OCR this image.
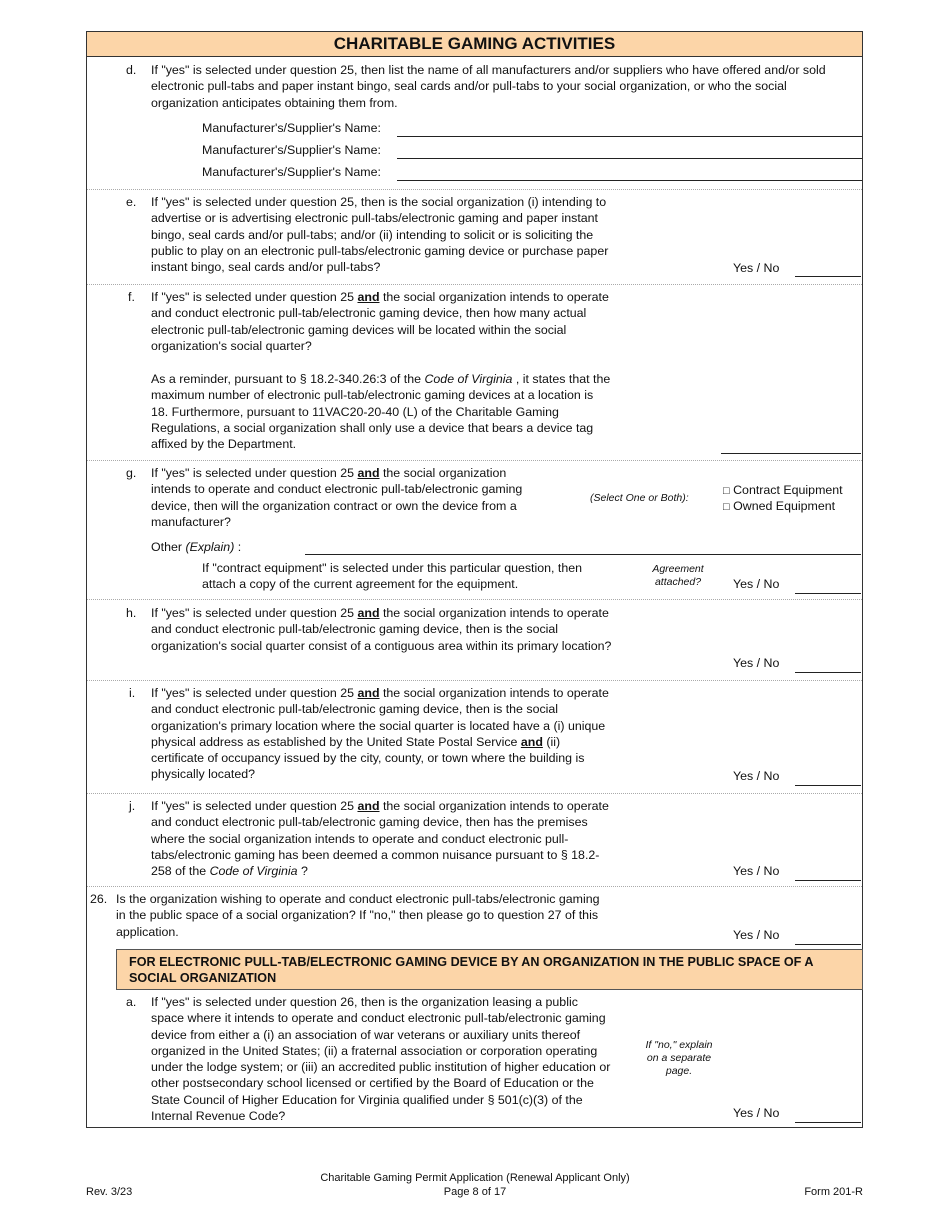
CHARITABLE GAMING ACTIVITIES
d. If "yes" is selected under question 25, then list the name of all manufacturers and/or suppliers who have offered and/or sold
electronic pull-tabs and paper instant bingo, seal cards and/or pull-tabs to your social organization, or who the social
organization anticipates obtaining them from.
Manufacturer's/Supplier's Name:
Manufacturer's/Supplier's Name:
Manufacturer's/Supplier's Name:
e. If "yes" is selected under question 25, then is the social organization (i) intending to
advertise or is advertising electronic pull-tabs/electronic gaming and paper instant
bingo, seal cards and/or pull-tabs; and/or (ii) intending to solicit or is soliciting the
public to play on an electronic pull-tabs/electronic gaming device or purchase paper
instant bingo, seal cards and/or pull-tabs?	Yes / No
f. If "yes" is selected under question 25 and the social organization intends to operate
and conduct electronic pull-tab/electronic gaming device, then how many actual
electronic pull-tab/electronic gaming devices will be located within the social
organization's social quarter?
As a reminder, pursuant to § 18.2-340.26:3 of the Code of Virginia , it states that the
maximum number of electronic pull-tab/electronic gaming devices at a location is
18. Furthermore, pursuant to 11VAC20-20-40 (L) of the Charitable Gaming
Regulations, a social organization shall only use a device that bears a device tag
affixed by the Department.
g. If "yes" is selected under question 25 and the social organization
intends to operate and conduct electronic pull-tab/electronic gaming
device, then will the organization contract or own the device from a
manufacturer?
(Select One or Both):
□ Contract Equipment
□ Owned Equipment
Other (Explain) :
If "contract equipment" is selected under this particular question, then
attach a copy of the current agreement for the equipment.
Agreement
attached?	Yes / No
h. If "yes" is selected under question 25 and the social organization intends to operate
and conduct electronic pull-tab/electronic gaming device, then is the social
organization's social quarter consist of a contiguous area within its primary location?
Yes / No
i. If "yes" is selected under question 25 and the social organization intends to operate
and conduct electronic pull-tab/electronic gaming device, then is the social
organization's primary location where the social quarter is located have a (i) unique
physical address as established by the United State Postal Service and (ii)
certificate of occupancy issued by the city, county, or town where the building is
physically located?	Yes / No
j. If "yes" is selected under question 25 and the social organization intends to operate
and conduct electronic pull-tab/electronic gaming device, then has the premises
where the social organization intends to operate and conduct electronic pull-
tabs/electronic gaming has been deemed a common nuisance pursuant to § 18.2-
258 of the Code of Virginia ?	Yes / No
26. Is the organization wishing to operate and conduct electronic pull-tabs/electronic gaming
in the public space of a social organization? If "no," then please go to question 27 of this
application.	Yes / No
FOR ELECTRONIC PULL-TAB/ELECTRONIC GAMING DEVICE BY AN ORGANIZATION IN THE PUBLIC SPACE OF A
SOCIAL ORGANIZATION
a. If "yes" is selected under question 26, then is the organization leasing a public
space where it intends to operate and conduct electronic pull-tab/electronic gaming
device from either a (i) an association of war veterans or auxiliary units thereof
organized in the United States; (ii) a fraternal association or corporation operating
under the lodge system; or (iii) an accredited public institution of higher education or
other postsecondary school licensed or certified by the Board of Education or the
State Council of Higher Education for Virginia qualified under § 501(c)(3) of the
Internal Revenue Code?
If "no," explain
on a separate
page.
Yes / No
Rev. 3/23
Charitable Gaming Permit Application (Renewal Applicant Only)
Page 8 of 17	Form 201-R
